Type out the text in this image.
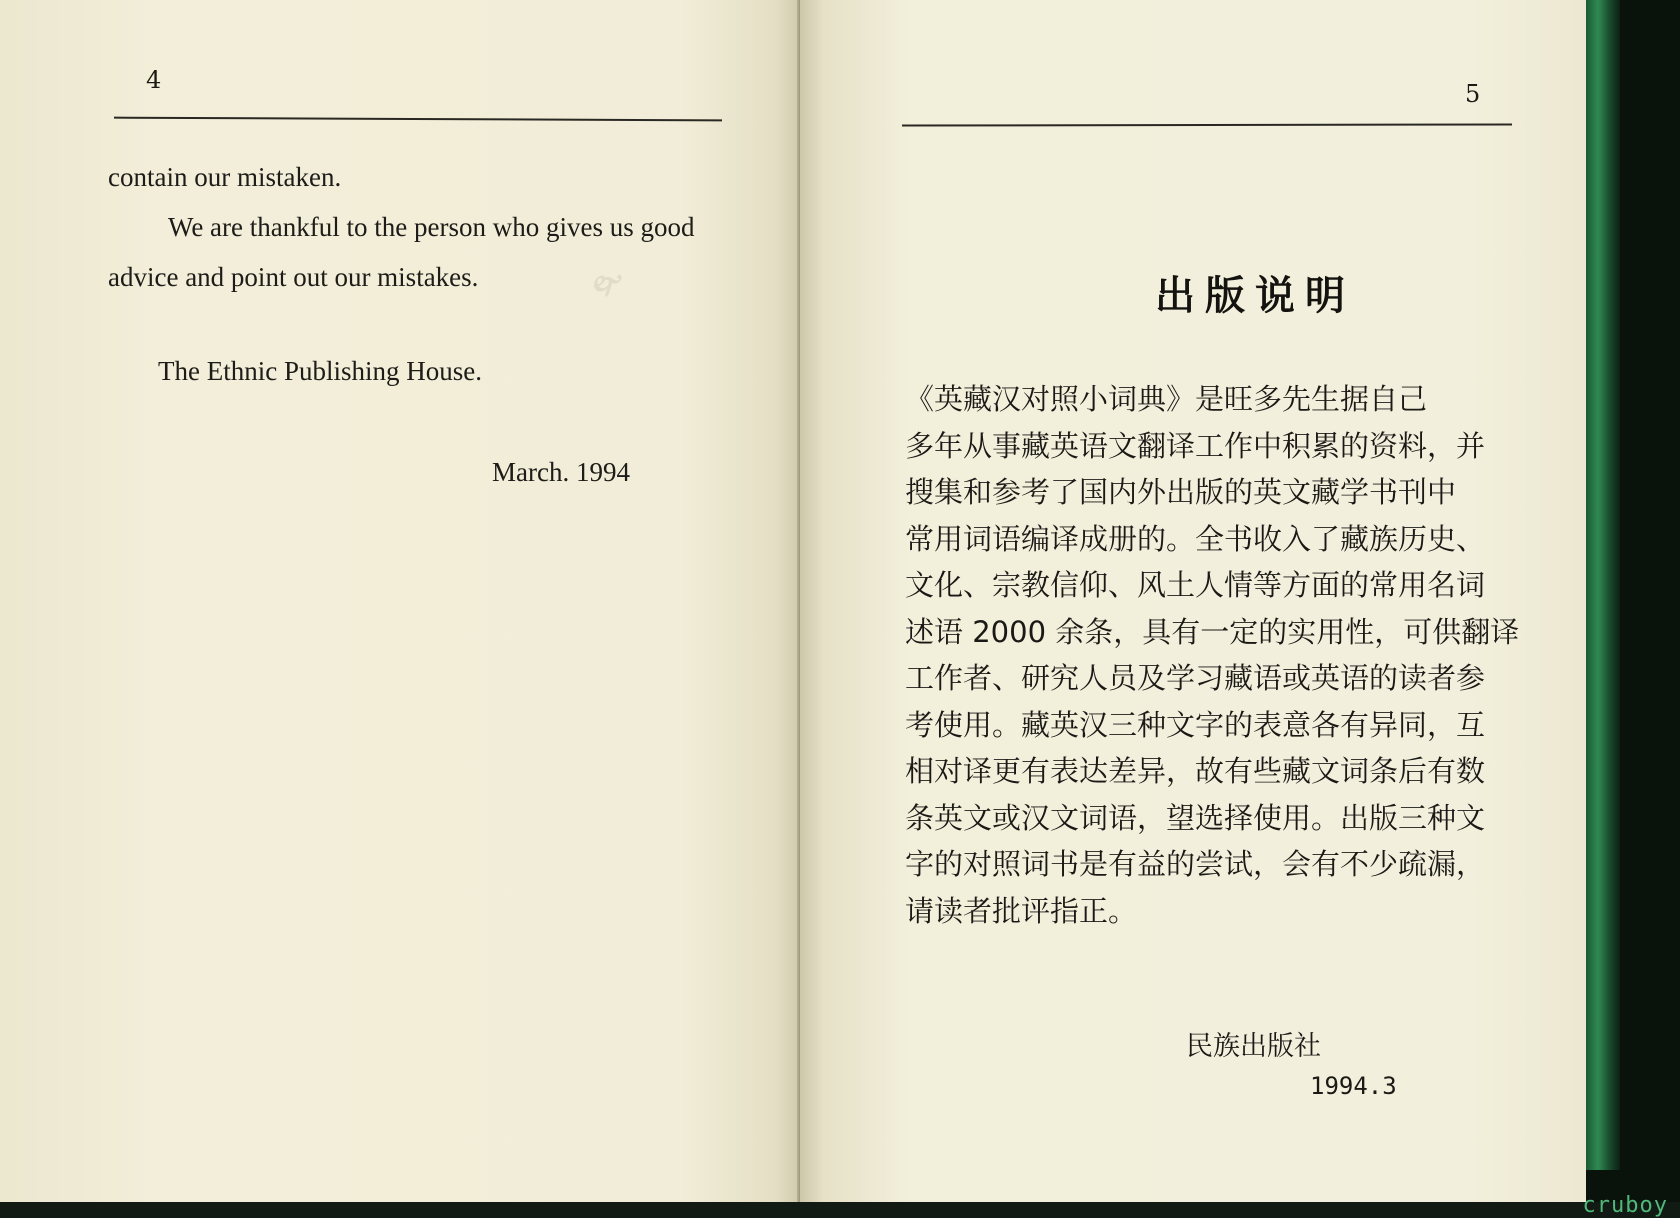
🙰
4

contain our mistaken.

We are thankful to the person who gives us good advice and point out our mistakes.

The Ethnic Publishing House.
March. 1994
5
出版说明
《英藏汉对照小词典》是旺多先生据自己
多年从事藏英语文翻译工作中积累的资料，并
搜集和参考了国内外出版的英文藏学书刊中
常用词语编译成册的。全书收入了藏族历史、
文化、宗教信仰、风土人情等方面的常用名词
述语 2000 余条，具有一定的实用性，可供翻译
工作者、研究人员及学习藏语或英语的读者参
考使用。藏英汉三种文字的表意各有异同，互
相对译更有表达差异，故有些藏文词条后有数
条英文或汉文词语，望选择使用。出版三种文
字的对照词书是有益的尝试，会有不少疏漏，
请读者批评指正。
民族出版社
1994.3
cruboy
